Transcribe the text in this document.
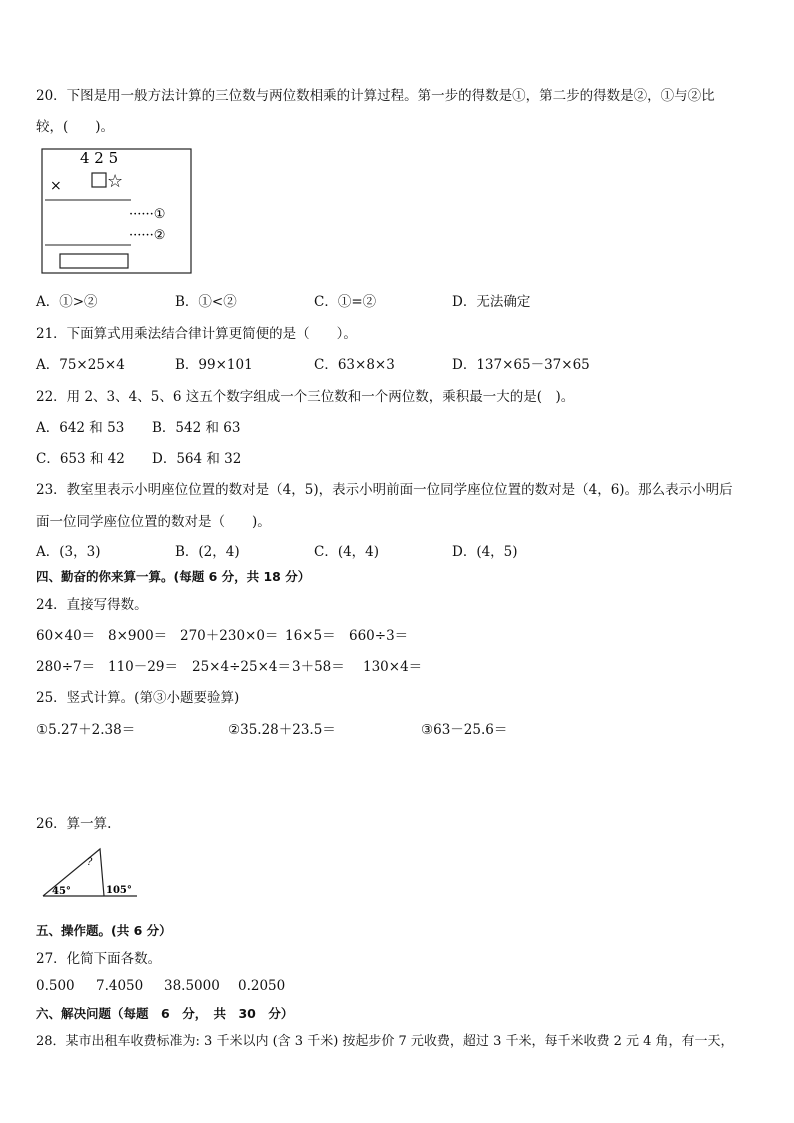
20．下图是用一般方法计算的三位数与两位数相乘的计算过程。第一步的得数是①，第二步的得数是②，①与②比
较，(　　)。
4 2 5
×	☆
······①
······②
A．①>②	B．①<②	C．①=②	D．无法确定
21．下面算式用乘法结合律计算更简便的是（　　）。
A．75×25×4	B．99×101	C．63×8×3	D．137×65－37×65
22．用 2、3、4、5、6 这五个数字组成一个三位数和一个两位数，乘积最一大的是(　)。
A．642 和 53 B．542 和 63
C．653 和 42 D．564 和 32
23．教室里表示小明座位位置的数对是（4，5)，表示小明前面一位同学座位位置的数对是（4，6)。那么表示小明后
面一位同学座位位置的数对是（　　)。
A．(3，3)	B．(2，4)	C．(4，4)	D．(4，5)
四、勤奋的你来算一算。(每题 6 分，共 18 分）
24．直接写得数。
60×40＝ 8×900＝ 270＋230×0＝ 16×5＝ 660÷3＝
280÷7＝ 110－29＝ 25×4÷25×4＝ 3＋58＝ 130×4＝
25．竖式计算。(第③小题要验算)
①5.27＋2.38＝	②35.28＋23.5＝	③63－25.6＝
26．算一算.
?
45°	105°
五、操作题。(共 6 分）
27．化简下面各数。
0.500 7.4050 38.5000 0.2050
六、解决问题（每题　6　分，　共　30　分）
28．某市出租车收费标准为: 3 千米以内 (含 3 千米) 按起步价 7 元收费，超过 3 千米，每千米收费 2 元 4 角，有一天，
